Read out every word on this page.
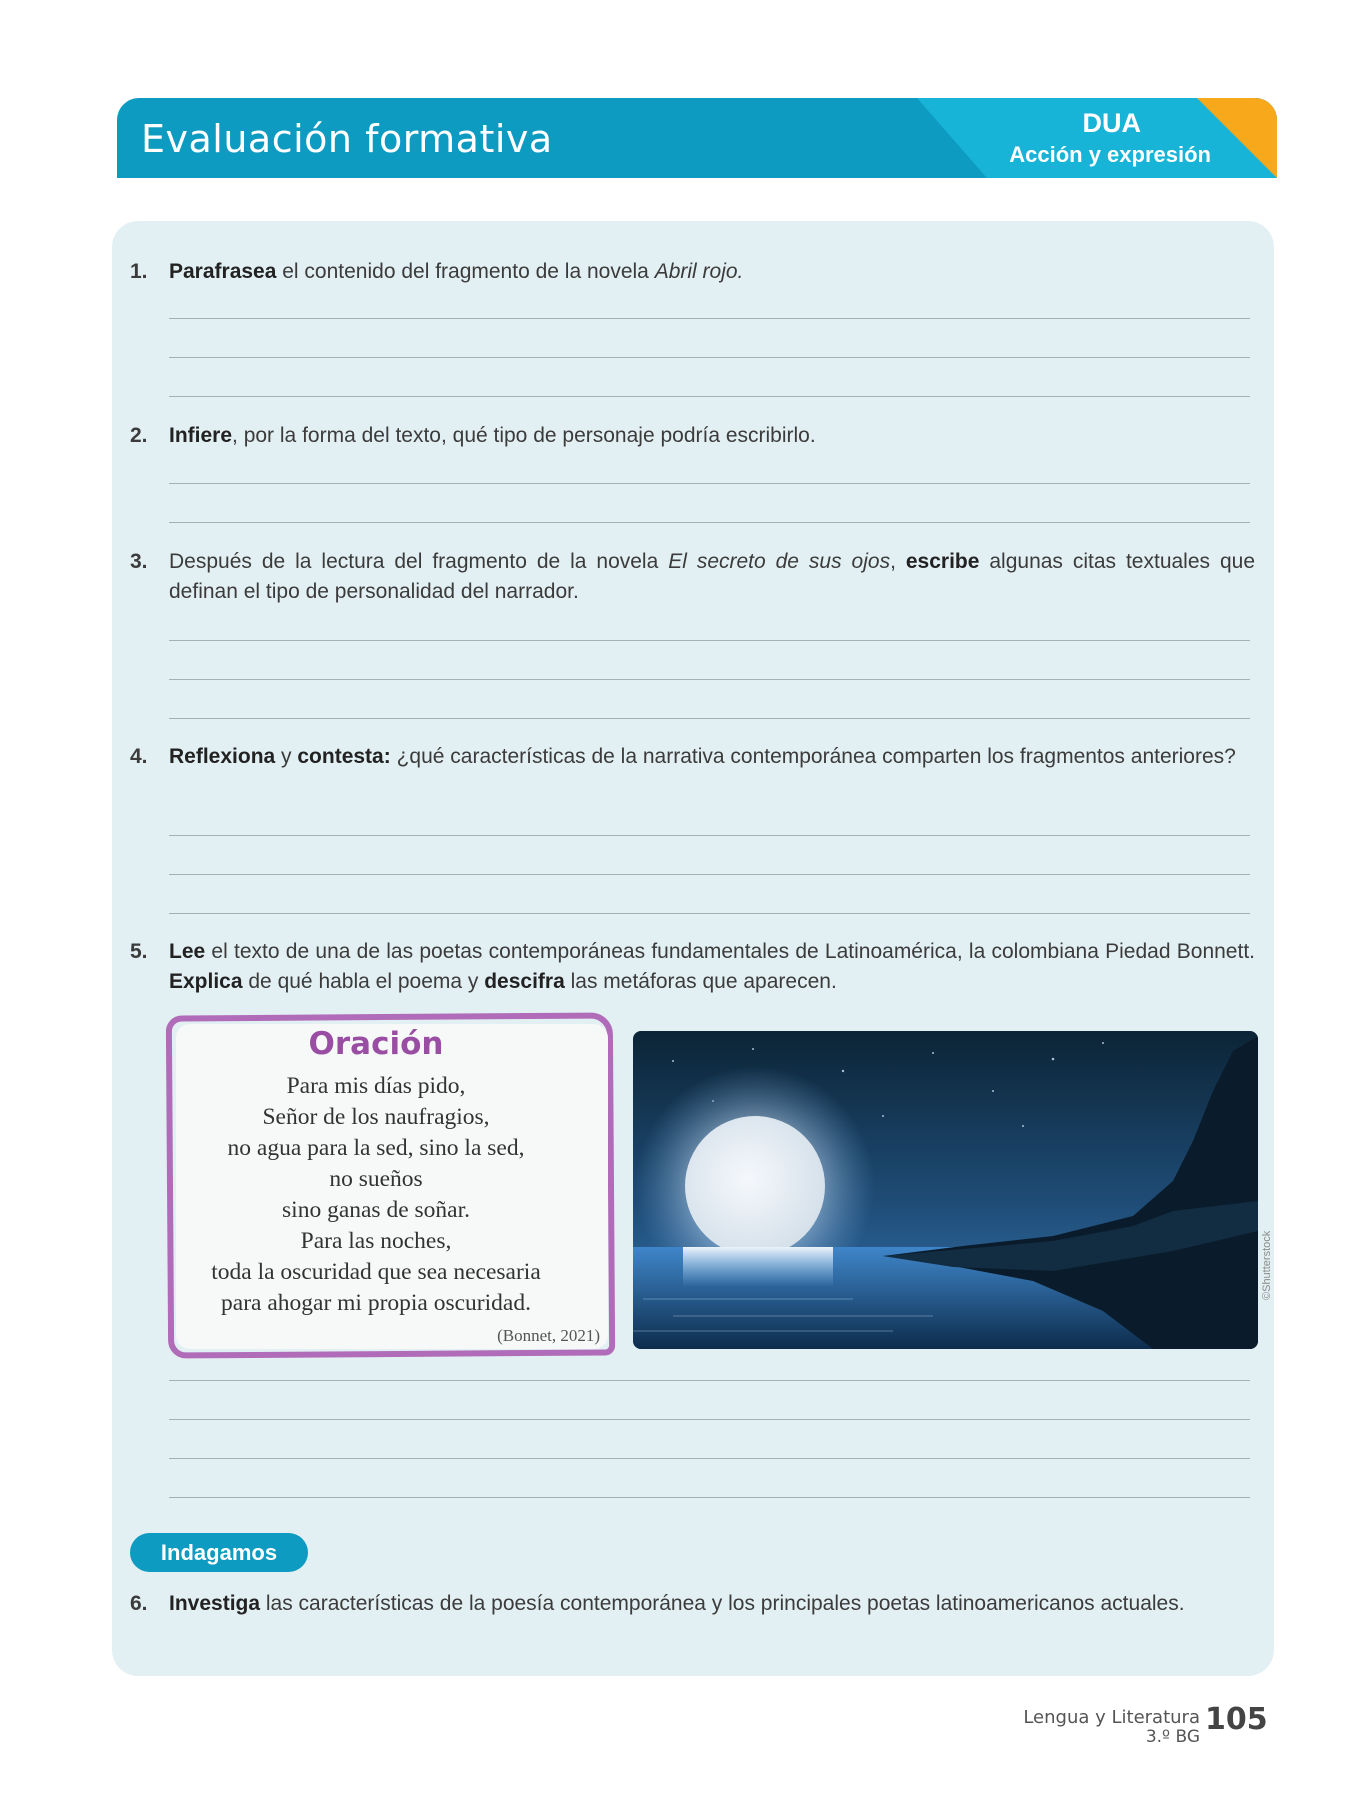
Evaluación formativa	DUA
Acción y expresión
1.	Parafrasea el contenido del fragmento de la novela Abril rojo.
2.	Infiere, por la forma del texto, qué tipo de personaje podría escribirlo.
3.	Después de la lectura del fragmento de la novela El secreto de sus ojos, escribe algunas citas textuales que definan el tipo de personalidad del narrador.
4.	Reflexiona y contesta: ¿qué características de la narrativa contemporánea comparten los fragmentos anteriores?
5.	Lee el texto de una de las poetas contemporáneas fundamentales de Latinoamérica, la colombiana Piedad Bonnett. Explica de qué habla el poema y descifra las metáforas que aparecen.
Oración
Para mis días pido,
Señor de los naufragios,
no agua para la sed, sino la sed,
no sueños
sino ganas de soñar.
Para las noches,
toda la oscuridad que sea necesaria
para ahogar mi propia oscuridad.
(Bonnet, 2021)
©Shutterstock
Indagamos
6.	Investiga las características de la poesía contemporánea y los principales poetas latinoamericanos actuales.
Lengua y Literatura
3.º BG 105
